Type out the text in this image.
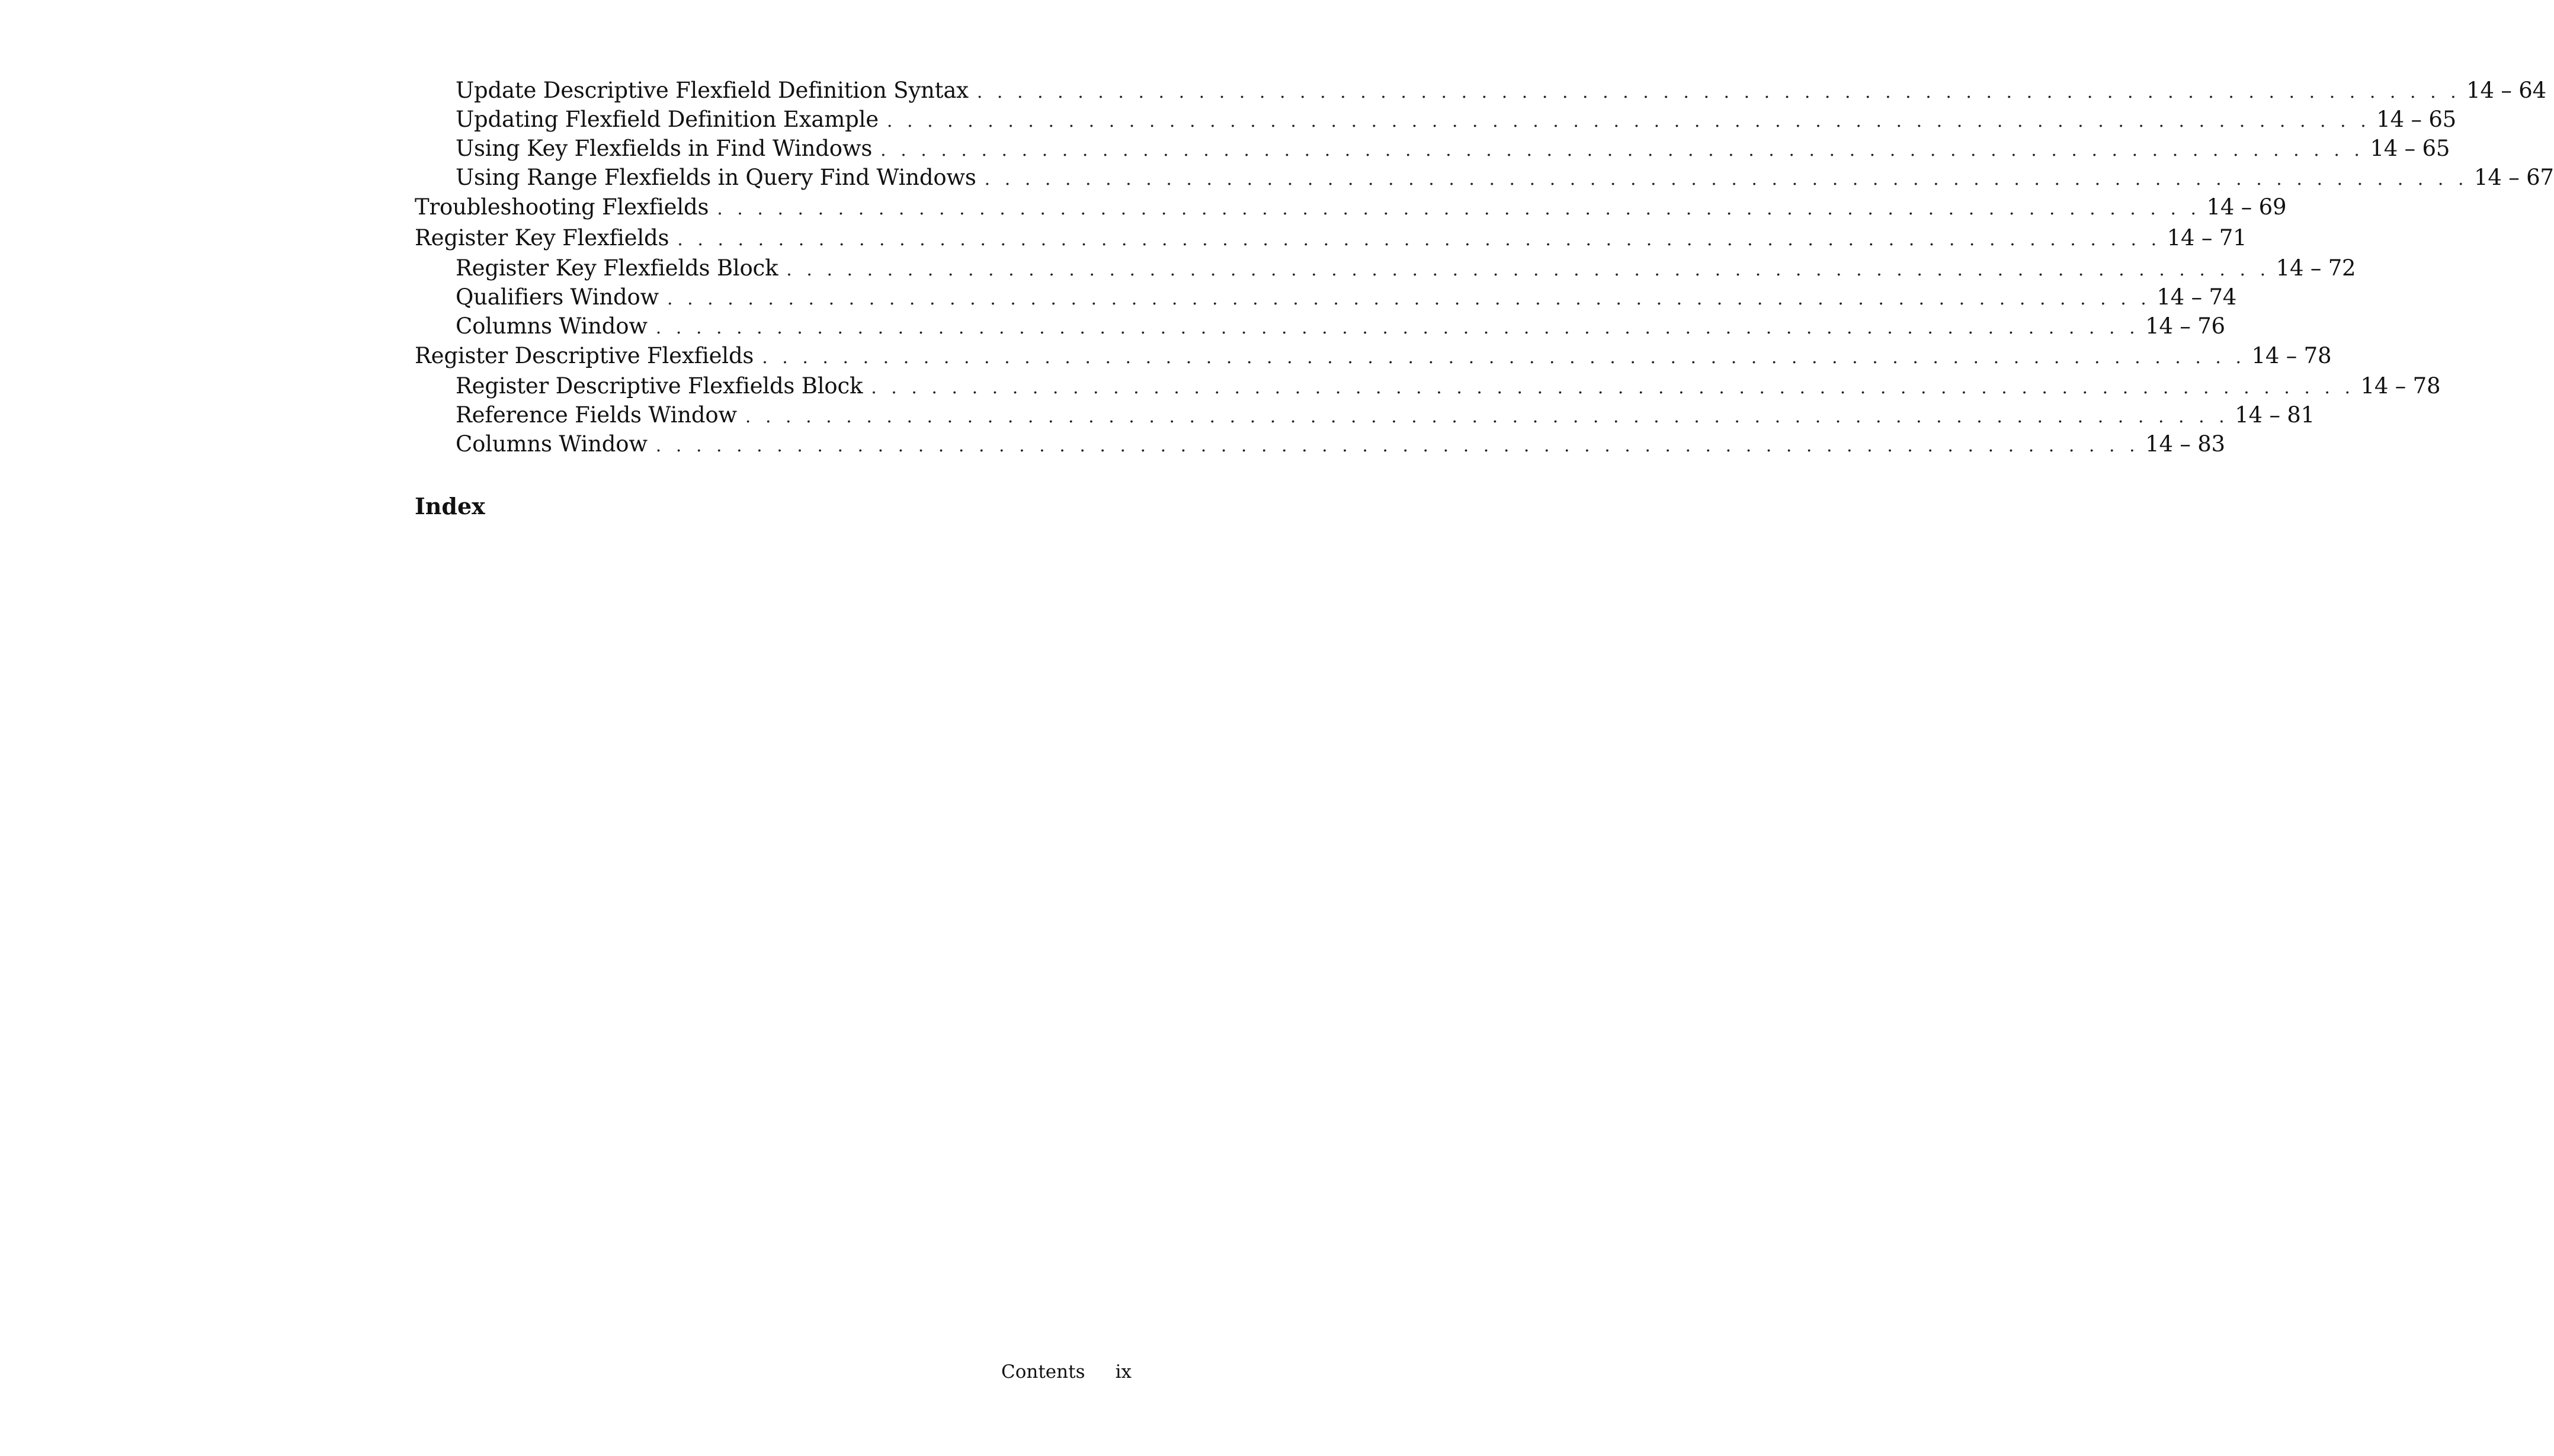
Update Descriptive Flexfield Definition Syntax . . . . . . . . . . . . . . . . . . . . . . . . . . . . . . . . . . . . . . . . . . . . . . . . . . . . . . . . . . . . . . . . . . . . . . . . . . 14 – 64
Updating Flexfield Definition Example . . . . . . . . . . . . . . . . . . . . . . . . . . . . . . . . . . . . . . . . . . . . . . . . . . . . . . . . . . . . . . . . . . . . . . . . . . 14 – 65
Using Key Flexfields in Find Windows . . . . . . . . . . . . . . . . . . . . . . . . . . . . . . . . . . . . . . . . . . . . . . . . . . . . . . . . . . . . . . . . . . . . . . . . . . 14 – 65
Using Range Flexfields in Query Find Windows . . . . . . . . . . . . . . . . . . . . . . . . . . . . . . . . . . . . . . . . . . . . . . . . . . . . . . . . . . . . . . . . . . . . . . . . . . 14 – 67
Troubleshooting Flexfields . . . . . . . . . . . . . . . . . . . . . . . . . . . . . . . . . . . . . . . . . . . . . . . . . . . . . . . . . . . . . . . . . . . . . . . . . . 14 – 69
Register Key Flexfields . . . . . . . . . . . . . . . . . . . . . . . . . . . . . . . . . . . . . . . . . . . . . . . . . . . . . . . . . . . . . . . . . . . . . . . . . . 14 – 71
Register Key Flexfields Block . . . . . . . . . . . . . . . . . . . . . . . . . . . . . . . . . . . . . . . . . . . . . . . . . . . . . . . . . . . . . . . . . . . . . . . . . . 14 – 72
Qualifiers Window . . . . . . . . . . . . . . . . . . . . . . . . . . . . . . . . . . . . . . . . . . . . . . . . . . . . . . . . . . . . . . . . . . . . . . . . . . 14 – 74
Columns Window . . . . . . . . . . . . . . . . . . . . . . . . . . . . . . . . . . . . . . . . . . . . . . . . . . . . . . . . . . . . . . . . . . . . . . . . . . 14 – 76
Register Descriptive Flexfields . . . . . . . . . . . . . . . . . . . . . . . . . . . . . . . . . . . . . . . . . . . . . . . . . . . . . . . . . . . . . . . . . . . . . . . . . . 14 – 78
Register Descriptive Flexfields Block . . . . . . . . . . . . . . . . . . . . . . . . . . . . . . . . . . . . . . . . . . . . . . . . . . . . . . . . . . . . . . . . . . . . . . . . . . 14 – 78
Reference Fields Window . . . . . . . . . . . . . . . . . . . . . . . . . . . . . . . . . . . . . . . . . . . . . . . . . . . . . . . . . . . . . . . . . . . . . . . . . . 14 – 81
Columns Window . . . . . . . . . . . . . . . . . . . . . . . . . . . . . . . . . . . . . . . . . . . . . . . . . . . . . . . . . . . . . . . . . . . . . . . . . . 14 – 83
Index
Contents ix
